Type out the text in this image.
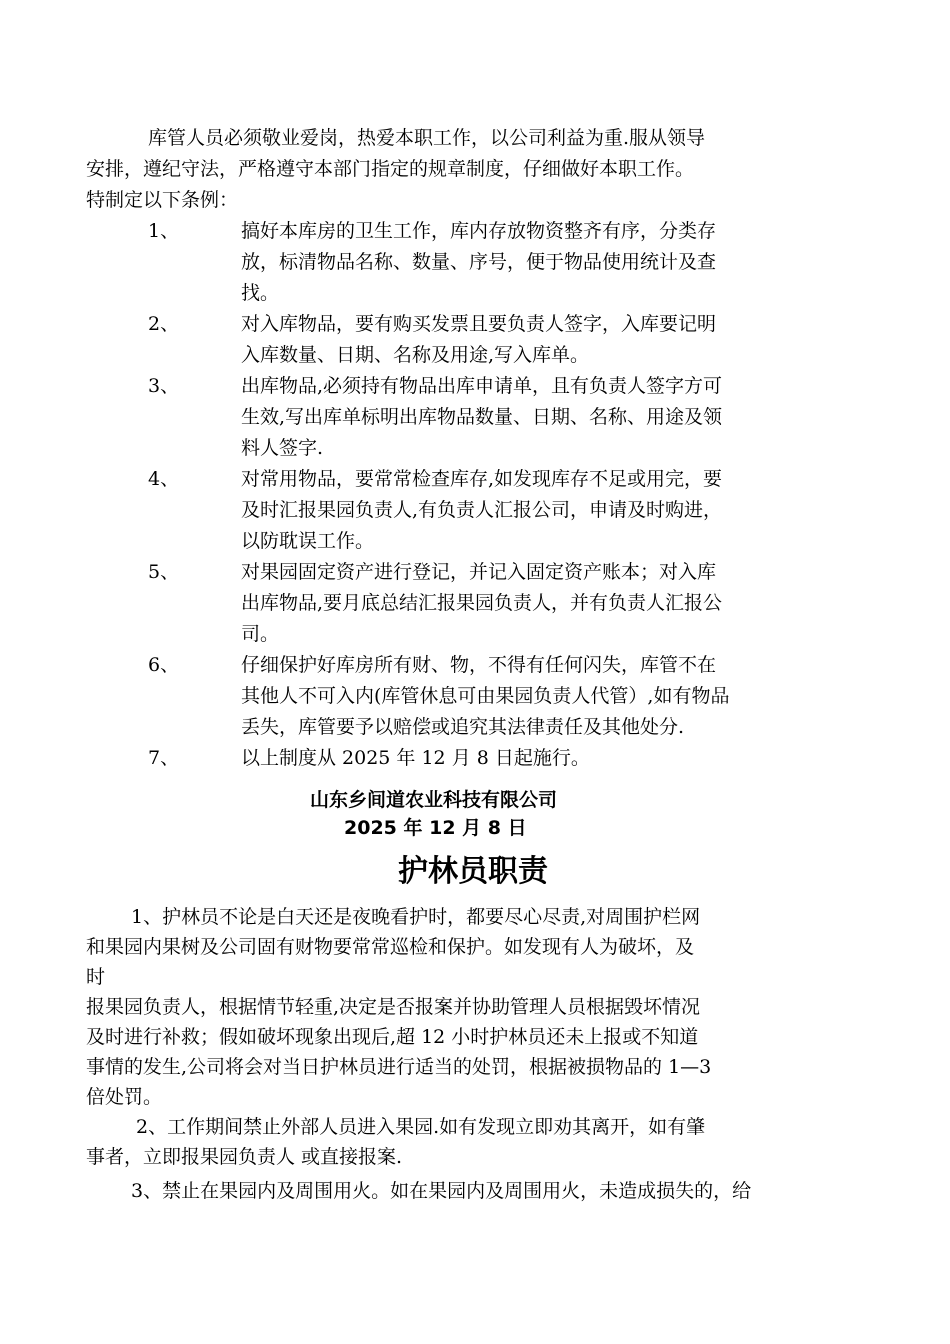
库管人员必须敬业爱岗，热爱本职工作，以公司利益为重.服从领导
安排，遵纪守法，严格遵守本部门指定的规章制度，仔细做好本职工作。
特制定以下条例：
1、	搞好本库房的卫生工作，库内存放物资整齐有序，分类存
放，标清物品名称、数量、序号，便于物品使用统计及查
找。
2、	对入库物品，要有购买发票且要负责人签字，入库要记明
入库数量、日期、名称及用途,写入库单。
3、	出库物品,必须持有物品出库申请单，且有负责人签字方可
生效,写出库单标明出库物品数量、日期、名称、用途及领
料人签字.
4、	对常用物品，要常常检查库存,如发现库存不足或用完，要
及时汇报果园负责人,有负责人汇报公司，申请及时购进，
以防耽误工作。
5、	对果园固定资产进行登记，并记入固定资产账本；对入库
出库物品,要月底总结汇报果园负责人，并有负责人汇报公
司。
6、	仔细保护好库房所有财、物，不得有任何闪失，库管不在
其他人不可入内(库管休息可由果园负责人代管）,如有物品
丢失，库管要予以赔偿或追究其法律责任及其他处分.
7、	以上制度从 2025 年 12 月 8 日起施行。
山东乡间道农业科技有限公司
2025 年 12 月 8 日
护林员职责
1、护林员不论是白天还是夜晚看护时，都要尽心尽责,对周围护栏网
和果园内果树及公司固有财物要常常巡检和保护。如发现有人为破坏，及
时
报果园负责人，根据情节轻重,决定是否报案并协助管理人员根据毁坏情况
及时进行补救；假如破坏现象出现后,超 12 小时护林员还未上报或不知道
事情的发生,公司将会对当日护林员进行适当的处罚，根据被损物品的 1—3
倍处罚。
2、工作期间禁止外部人员进入果园.如有发现立即劝其离开，如有肇
事者，立即报果园负责人 或直接报案.
3、禁止在果园内及周围用火。如在果园内及周围用火，未造成损失的，给
